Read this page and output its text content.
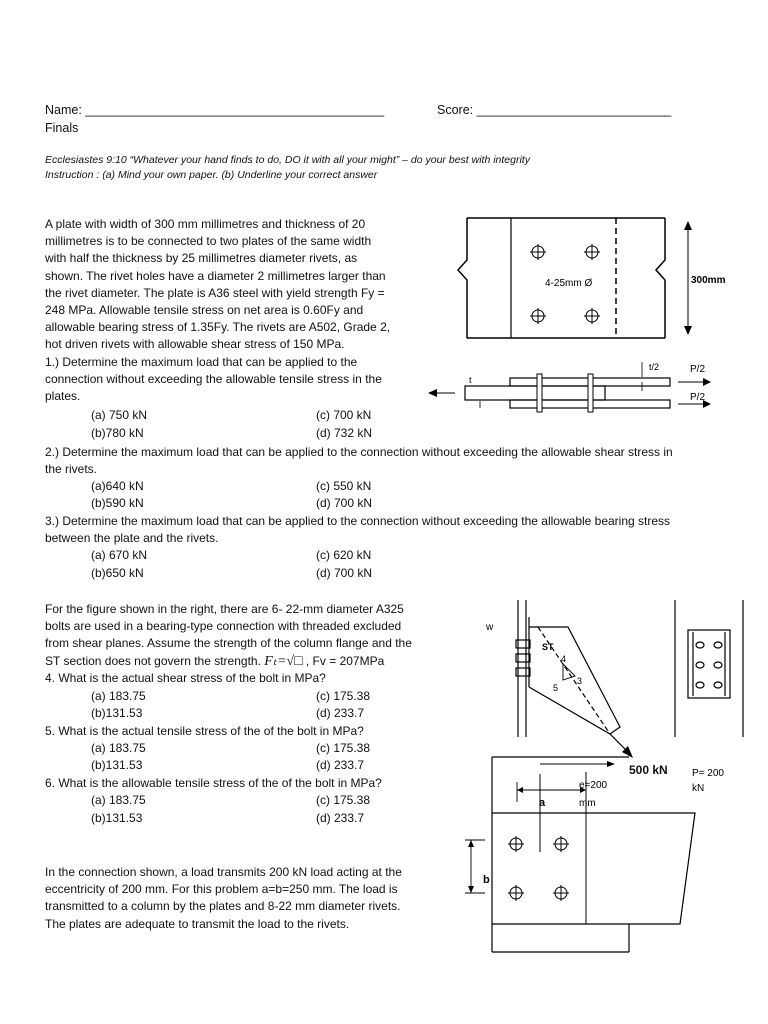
Name: ___________________________________________	Score: ____________________________
Finals
Ecclesiastes 9:10 “Whatever your hand finds to do, DO it with all your might” – do your best with integrity
Instruction : (a) Mind your own paper. (b) Underline your correct answer
A plate with width of 300 mm millimetres and thickness of 20
millimetres is to be connected to two plates of the same width
with half the thickness by 25 millimetres diameter rivets, as
shown. The rivet holes have a diameter 2 millimetres larger than
the rivet diameter. The plate is A36 steel with yield strength Fy =
248 MPa. Allowable tensile stress on net area is 0.60Fy and
allowable bearing stress of 1.35Fy. The rivets are A502, Grade 2,
hot driven rivets with allowable shear stress of 150 MPa.
1.) Determine the maximum load that can be applied to the
connection without exceeding the allowable tensile stress in the
plates.
(a) 750 kN	(c) 700 kN
(b)780 kN	(d) 732 kN
2.) Determine the maximum load that can be applied to the connection without exceeding the allowable shear stress in
the rivets.
(a)640 kN	(c) 550 kN
(b)590 kN	(d) 700 kN
3.) Determine the maximum load that can be applied to the connection without exceeding the allowable bearing stress
between the plate and the rivets.
(a) 670 kN	(c) 620 kN
(b)650 kN	(d) 700 kN
4-25mm Ø	300mm
t/2
t
P/2
P/2
For the figure shown in the right, there are 6- 22-mm diameter A325
bolts are used in a bearing-type connection with threaded excluded
from shear planes. Assume the strength of the column flange and the
ST section does not govern the strength. Fₜ=√□ , Fv = 207MPa
4. What is the actual shear stress of the bolt in MPa?
(a) 183.75	(c) 175.38
(b)131.53	(d) 233.7
5. What is the actual tensile stress of the of the bolt in MPa?
(a) 183.75	(c) 175.38
(b)131.53	(d) 233.7
6. What is the allowable tensile stress of the of the bolt in MPa?
(a) 183.75	(c) 175.38
(b)131.53	(d) 233.7
w
ST
4
3
5
500 kN
In the connection shown, a load transmits 200 kN load acting at the
eccentricity of 200 mm. For this problem a=b=250 mm. The load is
transmitted to a column by the plates and 8-22 mm diameter rivets.
The plates are adequate to transmit the load to the rivets.
e=200
mm
P= 200
kN
a
b
